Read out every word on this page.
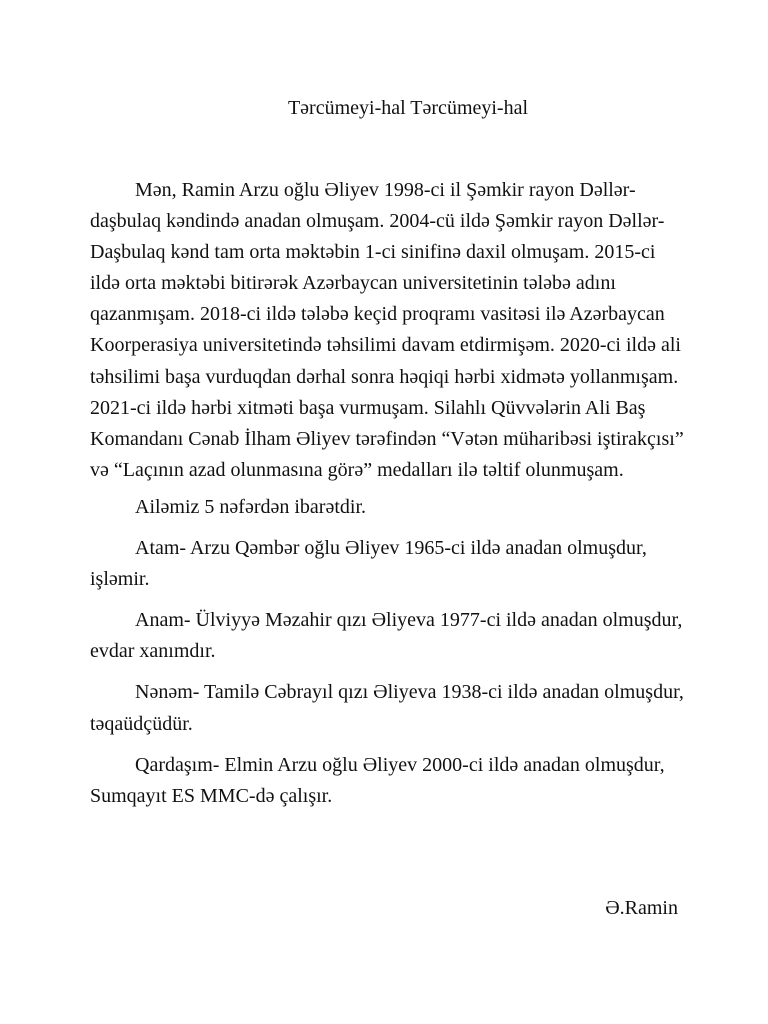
Tərcümeyi-hal Tərcümeyi-hal

Mən, Ramin Arzu oğlu Əliyev 1998-ci il Şəmkir rayon Dəllər-daşbulaq kəndində anadan olmuşam. 2004-cü ildə Şəmkir rayon Dəllər-Daşbulaq kənd tam orta məktəbin 1-ci sinifinə daxil olmuşam. 2015-ci ildə orta məktəbi bitirərək Azərbaycan universitetinin tələbə adını qazanmışam. 2018-ci ildə tələbə keçid proqramı vasitəsi ilə Azərbaycan Koorperasiya universitetində təhsilimi davam etdirmişəm. 2020-ci ildə ali təhsilimi başa vurduqdan dərhal sonra həqiqi hərbi xidmətə yollanmışam. 2021-ci ildə hərbi xitməti başa vurmuşam. Silahlı Qüvvələrin Ali Baş Komandanı Cənab İlham Əliyev tərəfindən “Vətən müharibəsi iştirakçısı” və “Laçının azad olunmasına görə” medalları ilə təltif olunmuşam.

Ailəmiz 5 nəfərdən ibarətdir.

Atam- Arzu Qəmbər oğlu Əliyev 1965-ci ildə anadan olmuşdur, işləmir.

Anam- Ülviyyə Məzahir qızı Əliyeva 1977-ci ildə anadan olmuşdur, evdar xanımdır.

Nənəm- Tamilə Cəbrayıl qızı Əliyeva 1938-ci ildə anadan olmuşdur, təqaüdçüdür.

Qardaşım- Elmin Arzu oğlu Əliyev 2000-ci ildə anadan olmuşdur, Sumqayıt ES MMC-də çalışır.

Ə.Ramin
